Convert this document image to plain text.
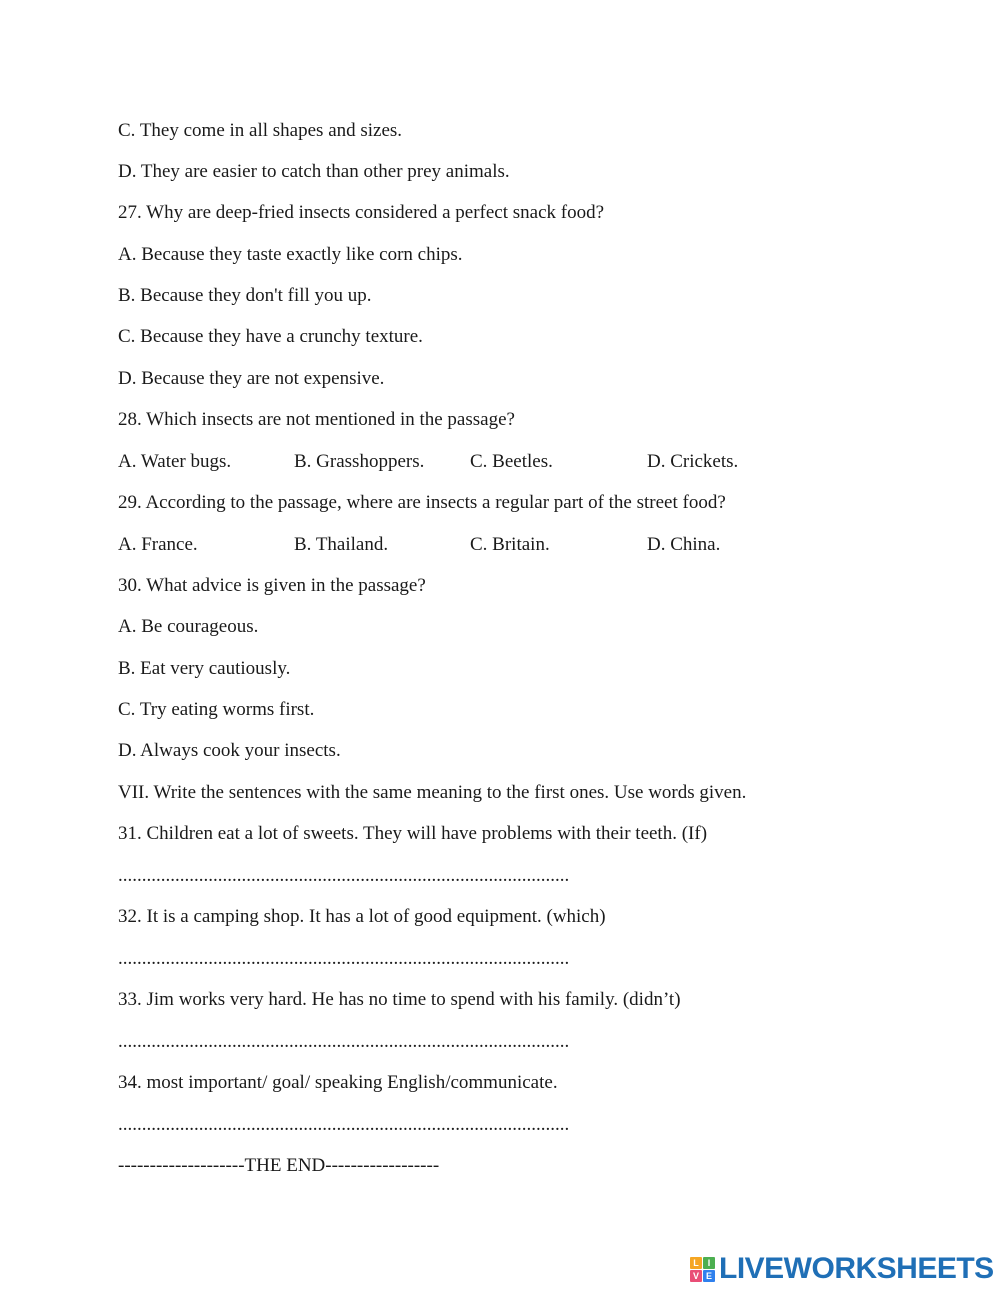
C. They come in all shapes and sizes.
D. They are easier to catch than other prey animals.
27. Why are deep-fried insects considered a perfect snack food?
A. Because they taste exactly like corn chips.
B. Because they don't fill you up.
C. Because they have a crunchy texture.
D. Because they are not expensive.
28. Which insects are not mentioned in the passage?
A. Water bugs.	B. Grasshoppers. C. Beetles.	D. Crickets.
29. According to the passage, where are insects a regular part of the street food?
A. France.	B. Thailand.	C. Britain.	D. China.
30. What advice is given in the passage?
A. Be courageous.
B. Eat very cautiously.
C. Try eating worms first.
D. Always cook your insects.
VII. Write the sentences with the same meaning to the first ones. Use words given.
31. Children eat a lot of sweets. They will have problems with their teeth. (If)
...............................................................................................
32. It is a camping shop. It has a lot of good equipment. (which)
...............................................................................................
33. Jim works very hard. He has no time to spend with his family. (didn’t)
...............................................................................................
34. most important/ goal/ speaking English/communicate.
...............................................................................................
--------------------THE END------------------
L I
V E LIVEWORKSHEETS
